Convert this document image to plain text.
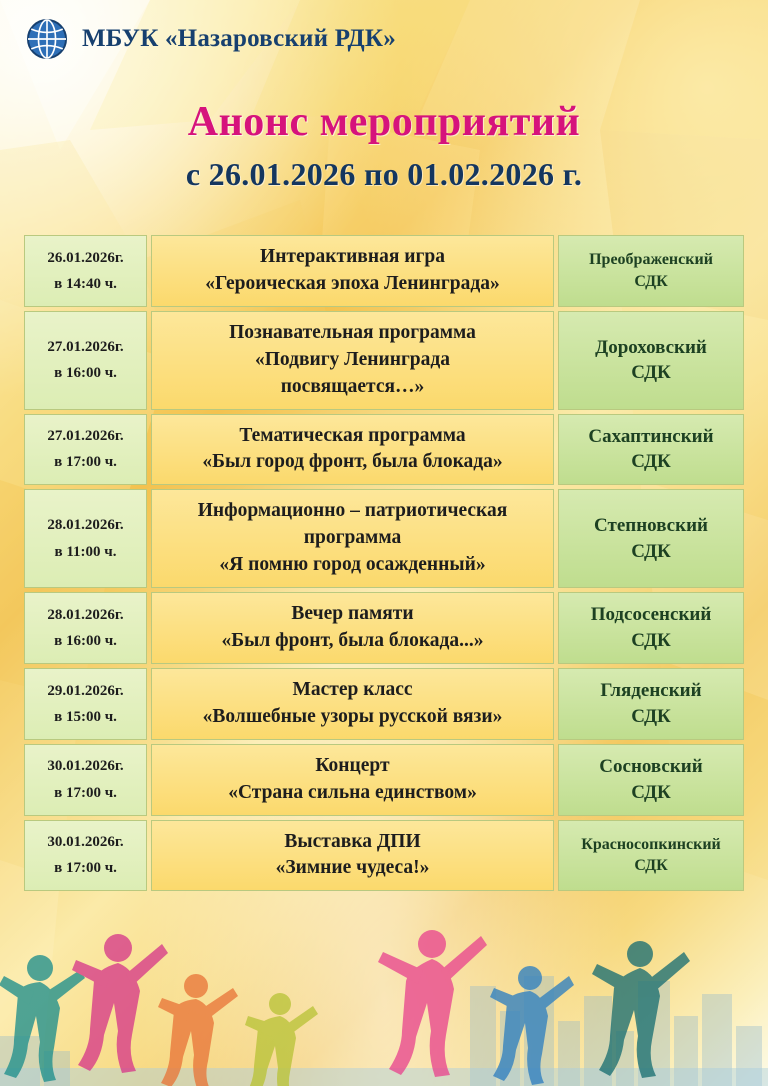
МБУК «Назаровский РДК»
Анонс мероприятий
с 26.01.2026 по 01.02.2026 г.
26.01.2026г.
в 14:40 ч.
Интерактивная игра
«Героическая эпоха Ленинграда»
Преображенский
СДК
27.01.2026г.
в 16:00 ч.
Познавательная программа
«Подвигу Ленинграда
посвящается…»
Дороховский
СДК
27.01.2026г.
в 17:00 ч.
Тематическая программа
«Был город фронт, была блокада»
Сахаптинский
СДК
28.01.2026г.
в 11:00 ч.
Информационно – патриотическая
программа
«Я помню город осажденный»
Степновский
СДК
28.01.2026г.
в 16:00 ч.
Вечер памяти
«Был фронт, была блокада...»
Подсосенский
СДК
29.01.2026г.
в 15:00 ч.
Мастер класс
«Волшебные узоры русской вязи»
Гляденский
СДК
30.01.2026г.
в 17:00 ч.
Концерт
«Страна сильна единством»
Сосновский
СДК
30.01.2026г.
в 17:00 ч.
Выставка ДПИ
«Зимние чудеса!»
Красносопкинский
СДК
